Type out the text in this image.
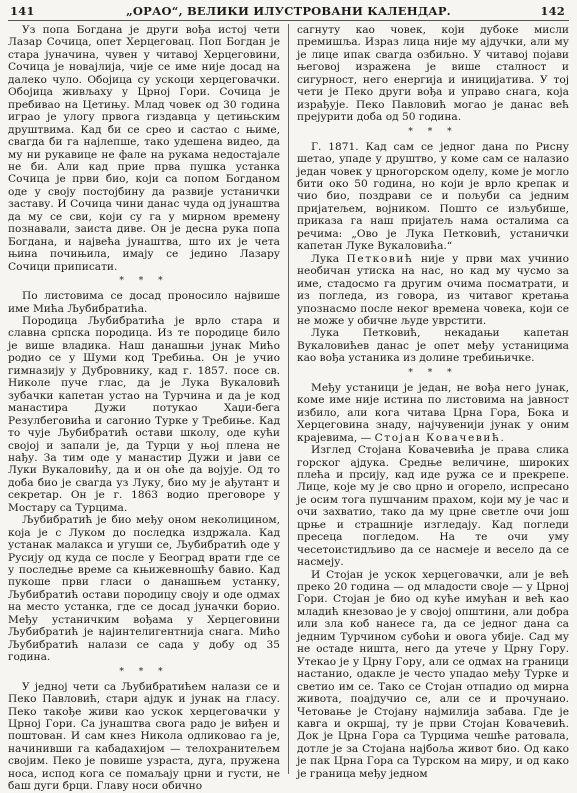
141	„ОРАО“, ВЕЛИКИ ИЛУСТРОВАНИ КАЛЕНДАР.	142

Уз попа Богдана је други вођа истој чети Лазар Сочица, опет Херцеговац. Поп Богдан је стара јуначина, чувен у читавој Херцеговини, Сочица је новајлија, чије се име није досад на далеко чуло. Обојица су ускоци херцеговачки. Обојица живљаху у Црној Гори. Сочица је пребивао на Цетињу. Млад човек од 30 година играо је улогу првога гиздавца у цетињским друштвима. Кад би се срео и састао с њиме, свагда би га најлепше, тако удешена видео, да му ни рукавице не фале на рукама недостајале не би. Али кад прие прва пушка устанка Сочица је први био, који са попом Богданом оде у своју постојбину да развије устанички заставу. И Сочица чини данас чуда од јунаштва да му се сви, који су га у мирном времену познавали, заиста диве. Он је десна рука попа Богдана, и највећа јунаштва, што их је чета њина почињила, имају се једино Лазару Сочици приписати.

* * *

По листовима се досад проносило највише име Мића Љубибратића.

Породица Љубибратића је врло стара и славна српска породица. Из те породице било је више владика. Наш данашњи јунак Мићо родио се у Шуми код Требиња. Он је учио гимназију у Дубровнику, кад г. 1857. посе св. Николе пуче глас, да је Лука Вукаловић зубачки капетан устао на Турчина и да је код манастира Дужи потукао Хаџи-бега Резулбеговића и сагонио Турке у Требиње. Кад то чује Љубибратић остави школу, оде кући својој и запали је, да Турци у њој плена не нађу. За тим оде у манастир Дужи и јави се Луки Вукаловићу, да и он оће да војује. Од то доба био је свагда уз Луку, био му је ађутант и секретар. Он је г. 1863 водио преговоре у Мостару са Турцима.

Љубибратић је био међу оном неколицином, која је с Луком до последка издржала. Кад устанак малакса и угуши се, Љубибратић оде у Русију од куда се после у Београд врати где се у последње време са књижевношћу бавио. Кад пукоше први гласи о данашњем устанку, Љубибратић остави породицу своју и оде одмах на место устанка, где се досад јуначки борио. Међу устаничким вођама у Херцеговини Љубибратић је најинтелигентнија снага. Мићо Љубибратић налази се сада у добу од 35 година.

* * *

У једној чети са Љубибратићем налази се и Пеко Павловић, стари ајдук и јунак на гласу. Пеко такође живи као ускок херцеговачки у Црној Гори. Са јунаштва свога радо је виђен и поштован. И сам кнез Никола одликовао га је, начинивши га кабадахијом — телохранитељем својим. Пеко је повише узраста, дуга, пружена носа, испод кога се помаљају црни и густи, не баш дуги брци. Главу носи обично

сагнуту као човек, који дубоке мисли премишља. Израз лица није му ајдучки, али му је лице ипак свагда озбиљно. У читавој појави његовој изражена је више сталност и сигурност, него енергија и иницијатива. У тој чети је Пеко други вођа и управо снага, која израђује. Пеко Павловић могао је данас већ прејурити доба од 50 година.

* * *

Г. 1871. Кад сам се једног дана по Рисну шетао, упаде у друштво, у коме сам се налазио један човек у црногорском оделу, коме је могло бити око 50 година, но који је врло крепак и чио био, поздрави се и пољуби са једним пријатељем, војником. Пошто се изљубише, приказа га наш пријатељ нама осталима са речима: „Ово је Лука Петковић, устанички капетан Луке Вукаловића.“

Лука Петковић није у први мах учинио необичан утиска на нас, но кад му чусмо за име, стадосмо га другим очима посматрати, и из погледа, из говора, из читавог кретања упознасмо после неког времена човека, који се не може у обичне људе уврстити.

Лука Петковић, некадањи капетан Вукаловићев данас је опет међу устаницима као вођа устаника из долине требињичке.

* * *

Међу устаници је један, не вођа него јунак, коме име није истина по листовима на јавност избило, али кога читава Црна Гора, Бока и Херцеговина знаду, најчувенији јунак у оним крајевима, — Стојан Ковачевић.

Изглед Стојана Ковачевића је права слика горског ајдука. Средње величине, широких плећа и прсију, кад иде ружа се и прекрепе. Лице, које му је сво црно и огорело, испресано је осим тога пушчаним прахом, који му је час и очи захватио, тако да му црне светле очи још црње и страшније изгледају. Кад погледи пресеца погледом. На те очи уму чесетоистидљиво да се насмеје и весело да се насмеју.

И Стојан је ускок херцеговачки, али је већ преко 20 година — од младости своје — у Црној Гори. Стојан је био од куће имућан и већ као младић кнезовао је у својој општини, али добра или зла коб нанесе га, да се једног дана са једним Турчином субоћи и овога убије. Сад му не остаде ништа, него да утече у Црну Гору. Утекао је у Црну Гору, али се одмах на граници настанио, одакле је често упадао међу Турке и светио им се. Тако се Стојан отпадио од мирна живота, поајдучио се, али се и прочунаио. Четовање је Стојану најмилија забава. Где је кавга и окршај, ту је први Стојан Ковачевић. Док је Црна Гора са Турцима чешће ратовала, дотле је за Стојана најбоља живот био. Од како је пак Црна Гора са Турском на миру, и од како је граница међу једном
